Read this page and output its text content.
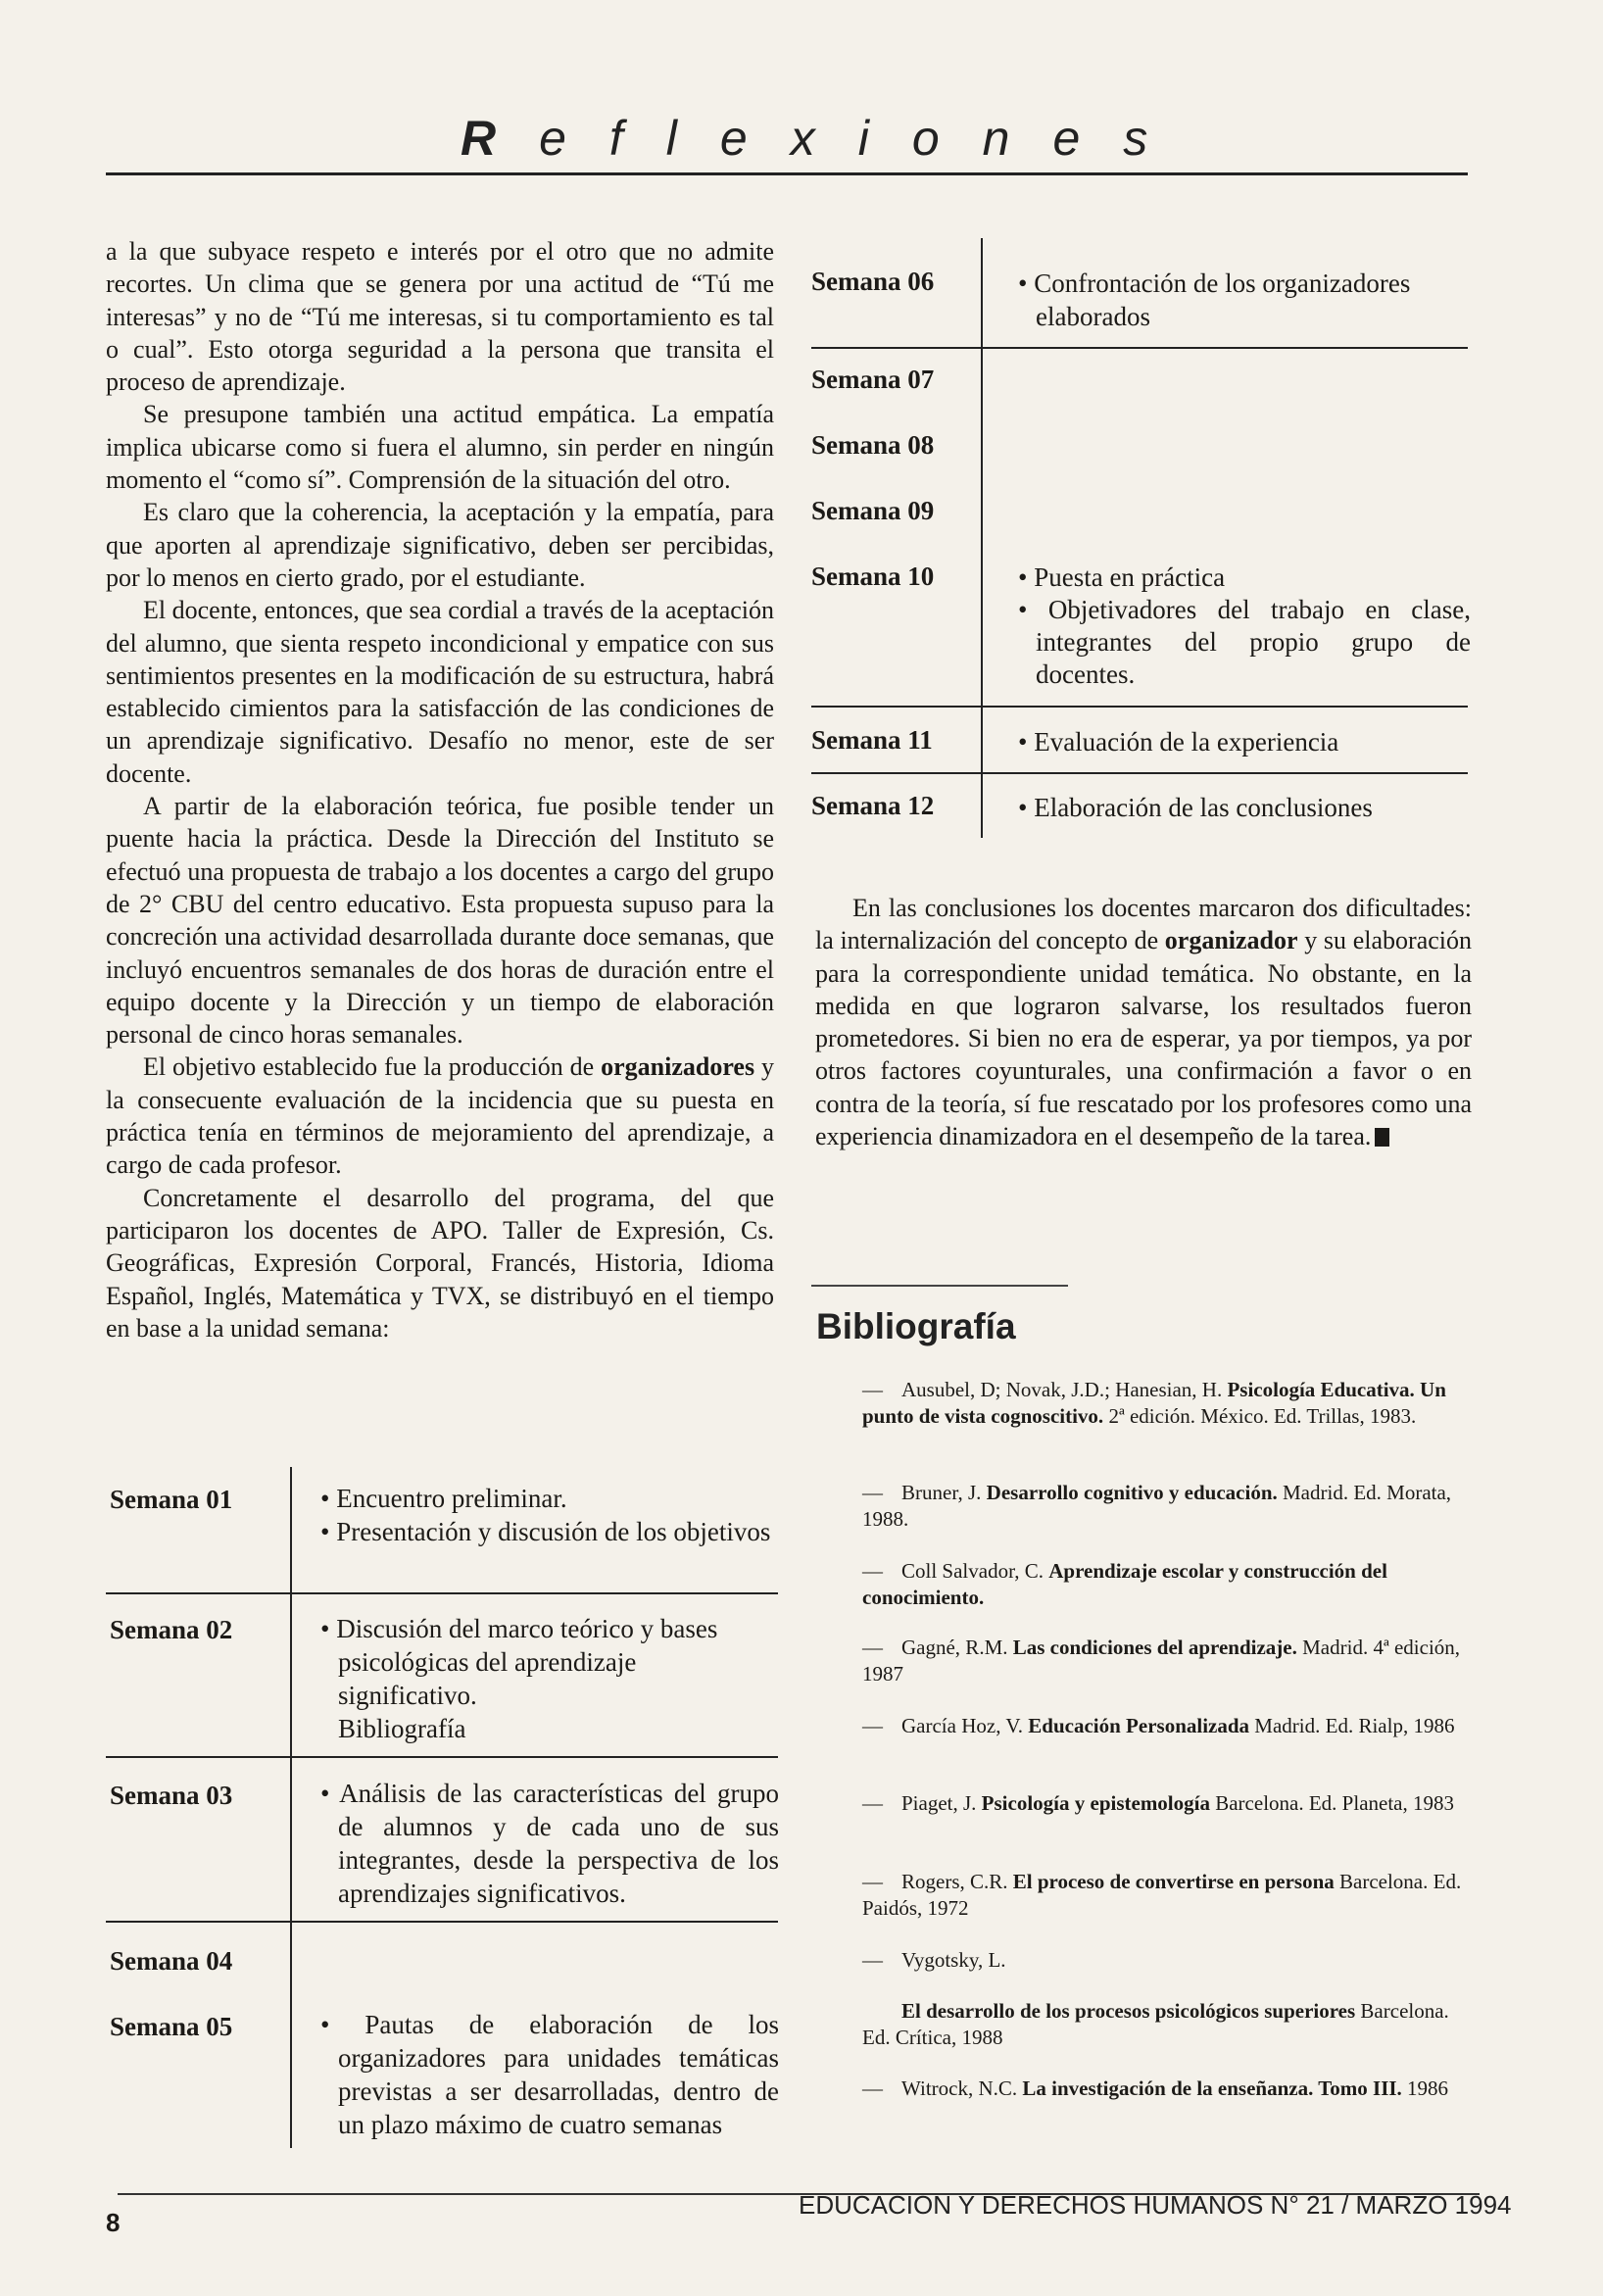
Reflexiones

a la que subyace respeto e interés por el otro que no admite recortes. Un clima que se genera por una actitud de “Tú me interesas” y no de “Tú me interesas, si tu comportamiento es tal o cual”. Esto otorga seguridad a la persona que transita el proceso de aprendizaje.

Se presupone también una actitud empática. La empatía implica ubicarse como si fuera el alumno, sin perder en ningún momento el “como sí”. Comprensión de la situación del otro.

Es claro que la coherencia, la aceptación y la empatía, para que aporten al aprendizaje significativo, deben ser percibidas, por lo menos en cierto grado, por el estudiante.

El docente, entonces, que sea cordial a través de la aceptación del alumno, que sienta respeto incondicional y empatice con sus sentimientos presentes en la modificación de su estructura, habrá establecido cimientos para la satisfacción de las condiciones de un aprendizaje significativo. Desafío no menor, este de ser docente.

A partir de la elaboración teórica, fue posible tender un puente hacia la práctica. Desde la Dirección del Instituto se efectuó una propuesta de trabajo a los docentes a cargo del grupo de 2° CBU del centro educativo. Esta propuesta supuso para la concreción una actividad desarrollada durante doce semanas, que incluyó encuentros semanales de dos horas de duración entre el equipo docente y la Dirección y un tiempo de elaboración personal de cinco horas semanales.

El objetivo establecido fue la producción de organizadores y la consecuente evaluación de la incidencia que su puesta en práctica tenía en términos de mejoramiento del aprendizaje, a cargo de cada profesor.

Concretamente el desarrollo del programa, del que participaron los docentes de APO. Taller de Expresión, Cs. Geográficas, Expresión Corporal, Francés, Historia, Idioma Español, Inglés, Matemática y TVX, se distribuyó en el tiempo en base a la unidad semana:

Semana 01	• Encuentro preliminar.
• Presentación y discusión de los objetivos
Semana 02	• Discusión del marco teórico y bases psicológicas del aprendizaje significativo.
Bibliografía
Semana 03	• Análisis de las características del grupo de alumnos y de cada uno de sus integrantes, desde la perspectiva de los aprendizajes significativos.
Semana 04
Semana 05	• Pautas de elaboración de los organizadores para unidades temáticas previstas a ser desarrolladas, dentro de un plazo máximo de cuatro semanas
Semana 06	• Confrontación de los organizadores elaborados
Semana 07
Semana 08
Semana 09
Semana 10	• Puesta en práctica
• Objetivadores del trabajo en clase, integrantes del propio grupo de docentes.
Semana 11	• Evaluación de la experiencia
Semana 12	• Elaboración de las conclusiones

En las conclusiones los docentes marcaron dos dificultades: la internalización del concepto de organizador y su elaboración para la correspondiente unidad temática. No obstante, en la medida en que lograron salvarse, los resultados fueron prometedores. Si bien no era de esperar, ya por tiempos, ya por otros factores coyunturales, una confirmación a favor o en contra de la teoría, sí fue rescatado por los profesores como una experiencia dinamizadora en el desempeño de la tarea.

Bibliografía
— Ausubel, D; Novak, J.D.; Hanesian, H. Psicología Educativa. Un punto de vista cognoscitivo. 2ª edición. México. Ed. Trillas, 1983.
— Bruner, J. Desarrollo cognitivo y educación. Madrid. Ed. Morata, 1988.
— Coll Salvador, C. Aprendizaje escolar y construcción del conocimiento.
— Gagné, R.M. Las condiciones del aprendizaje. Madrid. 4ª edición, 1987
— García Hoz, V. Educación Personalizada Madrid. Ed. Rialp, 1986
— Piaget, J. Psicología y epistemología Barcelona. Ed. Planeta, 1983
— Rogers, C.R. El proceso de convertirse en persona Barcelona. Ed. Paidós, 1972
— Vygotsky, L.
El desarrollo de los procesos psicológicos superiores Barcelona. Ed. Crítica, 1988
— Witrock, N.C. La investigación de la enseñanza. Tomo III. 1986
8
EDUCACION Y DERECHOS HUMANOS N° 21 / MARZO 1994
